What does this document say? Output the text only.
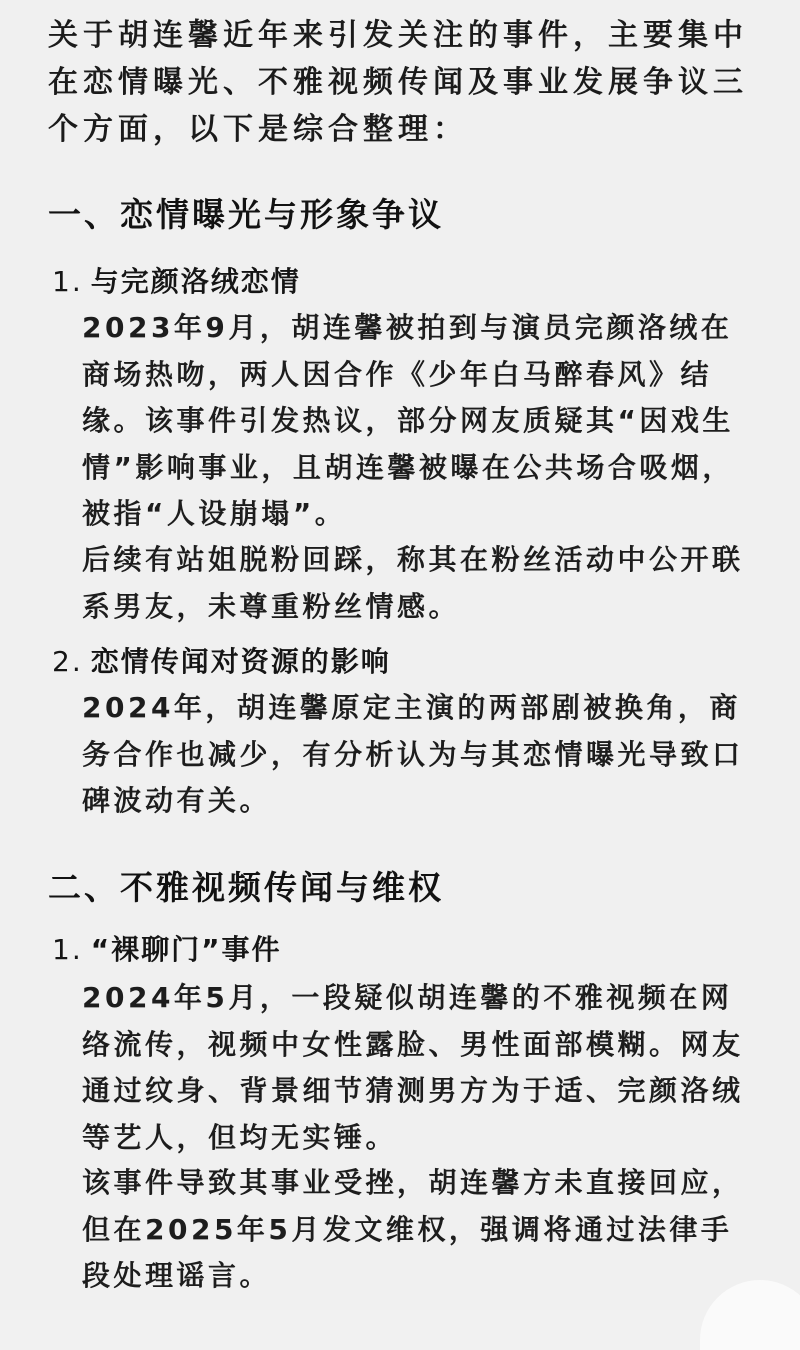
关于胡连馨近年来引发关注的事件，主要集中在恋情曝光、不雅视频传闻及事业发展争议三个方面，以下是综合整理：

一、恋情曝光与形象争议
1. 与完颜洛绒恋情

2023年9月，胡连馨被拍到与演员完颜洛绒在商场热吻，两人因合作《少年白马醉春风》结缘。该事件引发热议，部分网友质疑其“因戏生情”影响事业，且胡连馨被曝在公共场合吸烟，被指“人设崩塌”。

后续有站姐脱粉回踩，称其在粉丝活动中公开联系男友，未尊重粉丝情感。

2. 恋情传闻对资源的影响

2024年，胡连馨原定主演的两部剧被换角，商务合作也减少，有分析认为与其恋情曝光导致口碑波动有关。

二、不雅视频传闻与维权
1. “裸聊门”事件

2024年5月，一段疑似胡连馨的不雅视频在网络流传，视频中女性露脸、男性面部模糊。网友通过纹身、背景细节猜测男方为于适、完颜洛绒等艺人，但均无实锤。

该事件导致其事业受挫，胡连馨方未直接回应，但在2025年5月发文维权，强调将通过法律手段处理谣言。
